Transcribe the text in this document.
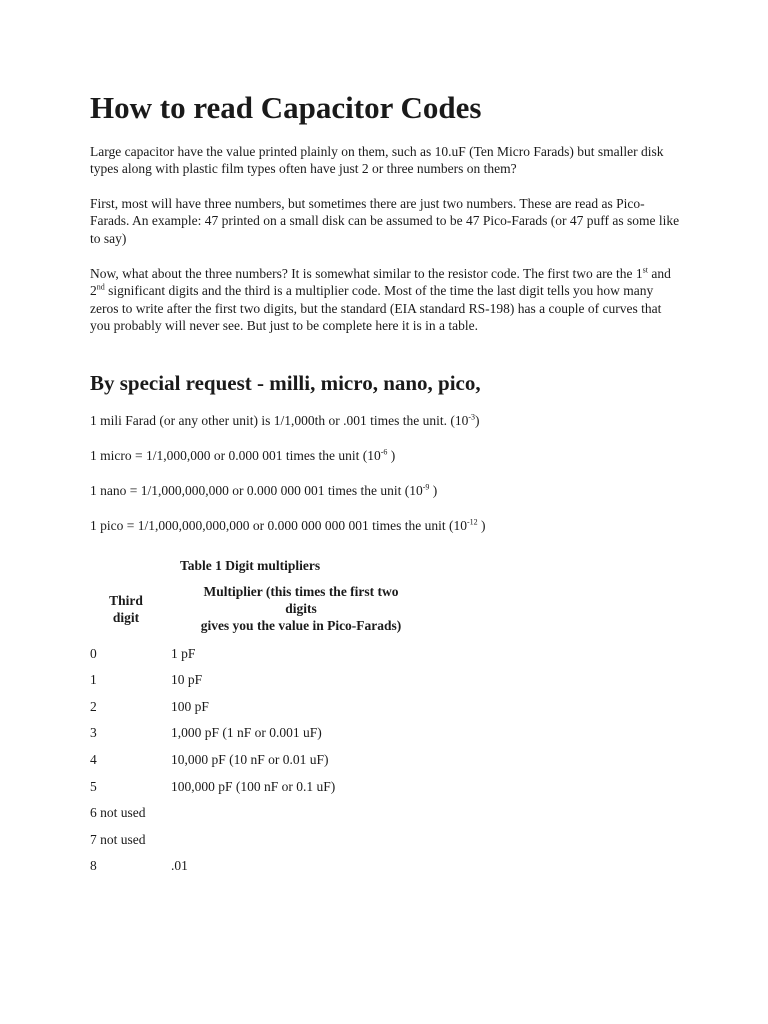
How to read Capacitor Codes

Large capacitor have the value printed plainly on them, such as 10.uF (Ten Micro Farads) but smaller disk types along with plastic film types often have just 2 or three numbers on them?

First, most will have three numbers, but sometimes there are just two numbers. These are read as Pico-Farads. An example: 47 printed on a small disk can be assumed to be 47 Pico-Farads (or 47 puff as some like to say)

Now, what about the three numbers? It is somewhat similar to the resistor code. The first two are the 1st and 2nd significant digits and the third is a multiplier code. Most of the time the last digit tells you how many zeros to write after the first two digits, but the standard (EIA standard RS-198) has a couple of curves that you probably will never see. But just to be complete here it is in a table.

By special request - milli, micro, nano, pico,

1 mili Farad (or any other unit) is 1/1,000th or .001 times the unit. $(10^{-3})$

1 micro = 1/1,000,000 or 0.000 001 times the unit ($10^{-6}$ )

1 nano = 1/1,000,000,000 or 0.000 000 001 times the unit ($10^{-9}$ )

1 pico = 1/1,000,000,000,000 or 0.000 000 000 001 times the unit ($10^{-12}$ )

Table 1 Digit multipliers
Third
digit
Multiplier (this times the first two
digits
gives you the value in Pico-Farads)
0	1 pF
1	10 pF
2	100 pF
3	1,000 pF (1 nF or 0.001 uF)
4	10,000 pF (10 nF or 0.01 uF)
5	100,000 pF (100 nF or 0.1 uF)
6 not used
7 not used
8	.01
